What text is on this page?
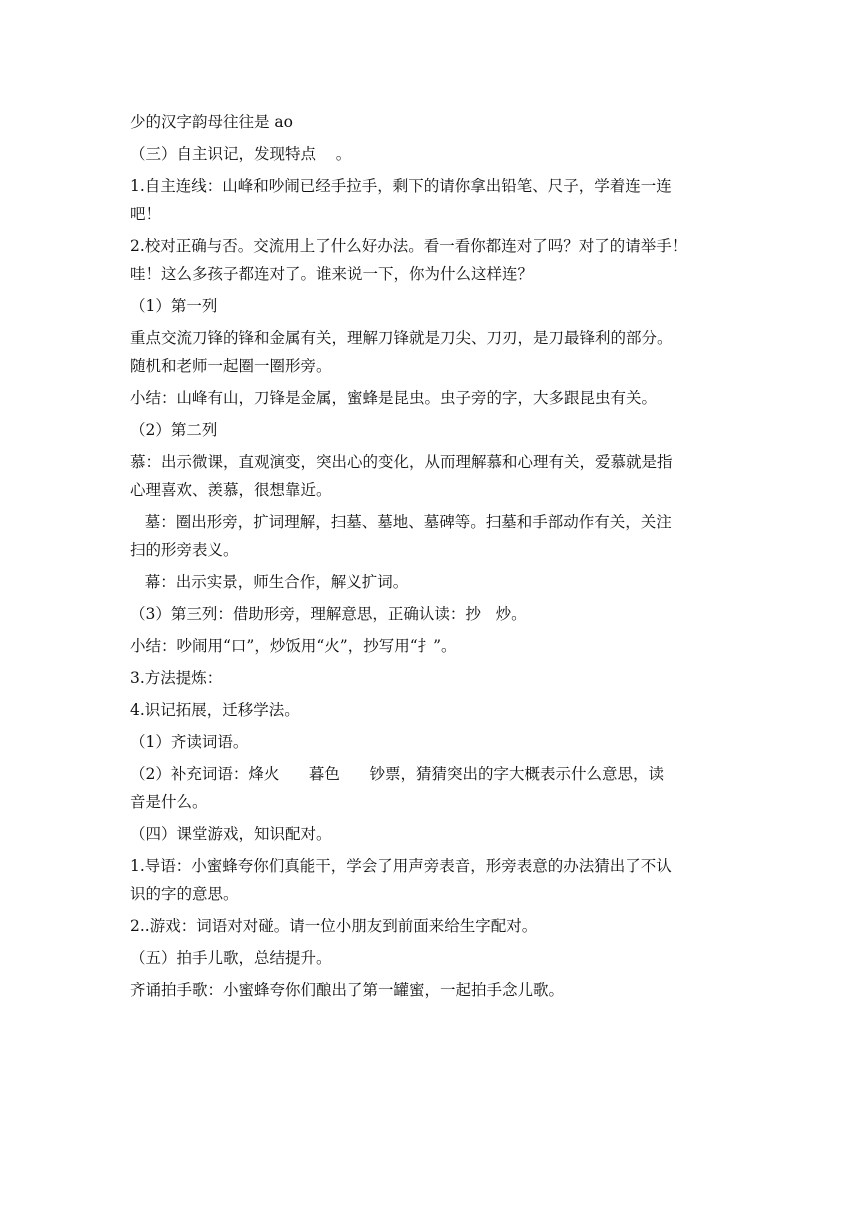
少的汉字韵母往往是 ao

（三）自主识记，发现特点    。

1.自主连线：山峰和吵闹已经手拉手，剩下的请你拿出铅笔、尺子，学着连一连

吧！

2.校对正确与否。交流用上了什么好办法。看一看你都连对了吗？对了的请举手！

哇！这么多孩子都连对了。谁来说一下，你为什么这样连？

（1）第一列

重点交流刀锋的锋和金属有关，理解刀锋就是刀尖、刀刃，是刀最锋利的部分。

随机和老师一起圈一圈形旁。

小结：山峰有山，刀锋是金属，蜜蜂是昆虫。虫子旁的字，大多跟昆虫有关。

（2）第二列

慕：出示微课，直观演变，突出心的变化，从而理解慕和心理有关，爱慕就是指

心理喜欢、羡慕，很想靠近。

墓：圈出形旁，扩词理解，扫墓、墓地、墓碑等。扫墓和手部动作有关，关注

扫的形旁表义。

幕：出示实景，师生合作，解义扩词。

（3）第三列：借助形旁，理解意思，正确认读：抄   炒。

小结：吵闹用“口”，炒饭用“火”，抄写用“扌”。

3.方法提炼：

4.识记拓展，迁移学法。

（1）齐读词语。

（2）补充词语：烽火      暮色      钞票，猜猜突出的字大概表示什么意思，读

音是什么。

（四）课堂游戏，知识配对。

1.导语：小蜜蜂夸你们真能干，学会了用声旁表音，形旁表意的办法猜出了不认

识的字的意思。

2..游戏：词语对对碰。请一位小朋友到前面来给生字配对。

（五）拍手儿歌，总结提升。

齐诵拍手歌：小蜜蜂夸你们酿出了第一罐蜜，一起拍手念儿歌。
